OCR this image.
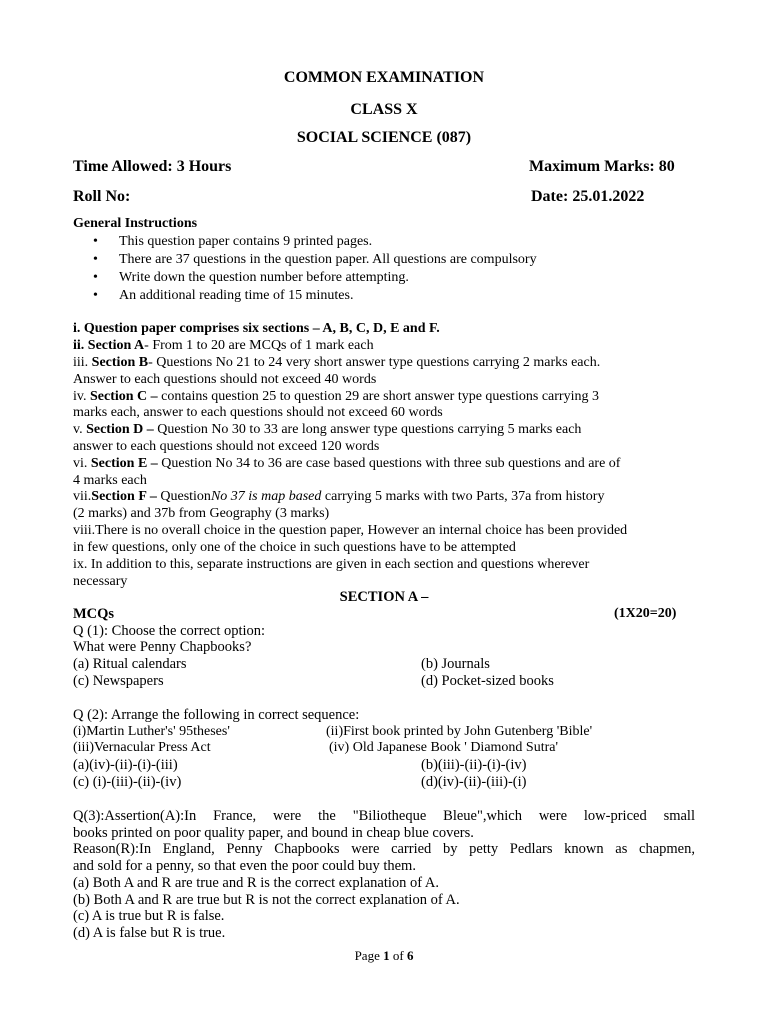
COMMON EXAMINATION
CLASS X
SOCIAL SCIENCE (087)
Time Allowed: 3 Hours	Maximum Marks: 80
Roll No:	Date: 25.01.2022
General Instructions
This question paper contains 9 printed pages.
There are 37 questions in the question paper. All questions are compulsory
Write down the question number before attempting.
An additional reading time of 15 minutes.
i. Question paper comprises six sections – A, B, C, D, E and F.
ii. Section A- From 1 to 20 are MCQs of 1 mark each
iii. Section B- Questions No 21 to 24 very short answer type questions carrying 2 marks each.
Answer to each questions should not exceed 40 words
iv. Section C – contains question 25 to question 29 are short answer type questions carrying 3
marks each, answer to each questions should not exceed 60 words
v. Section D – Question No 30 to 33 are long answer type questions carrying 5 marks each
answer to each questions should not exceed 120 words
vi. Section E – Question No 34 to 36 are case based questions with three sub questions and are of
4 marks each
vii.Section F – QuestionNo 37 is map based carrying 5 marks with two Parts, 37a from history
(2 marks) and 37b from Geography (3 marks)
viii.There is no overall choice in the question paper, However an internal choice has been provided
in few questions, only one of the choice in such questions have to be attempted
ix. In addition to this, separate instructions are given in each section and questions wherever
necessary
SECTION A –
MCQs	(1X20=20)
Q (1): Choose the correct option:
What were Penny Chapbooks?
(a) Ritual calendars	(b) Journals
(c) Newspapers	(d) Pocket-sized books
Q (2): Arrange the following in correct sequence:
(i)Martin Luther's' 95theses'	(ii)First book printed by John Gutenberg 'Bible'
(iii)Vernacular Press Act	(iv) Old Japanese Book ' Diamond Sutra'
(a)(iv)-(ii)-(i)-(iii)	(b)(iii)-(ii)-(i)-(iv)
(c) (i)-(iii)-(ii)-(iv)	(d)(iv)-(ii)-(iii)-(i)
Q(3):Assertion(A):In France, were the "Biliotheque Bleue",which were low-priced small
books printed on poor quality paper, and bound in cheap blue covers.
Reason(R):In England, Penny Chapbooks were carried by petty Pedlars known as chapmen,
and sold for a penny, so that even the poor could buy them.
(a) Both A and R are true and R is the correct explanation of A.
(b) Both A and R are true but R is not the correct explanation of A.
(c) A is true but R is false.
(d) A is false but R is true.
Page 1 of 6
